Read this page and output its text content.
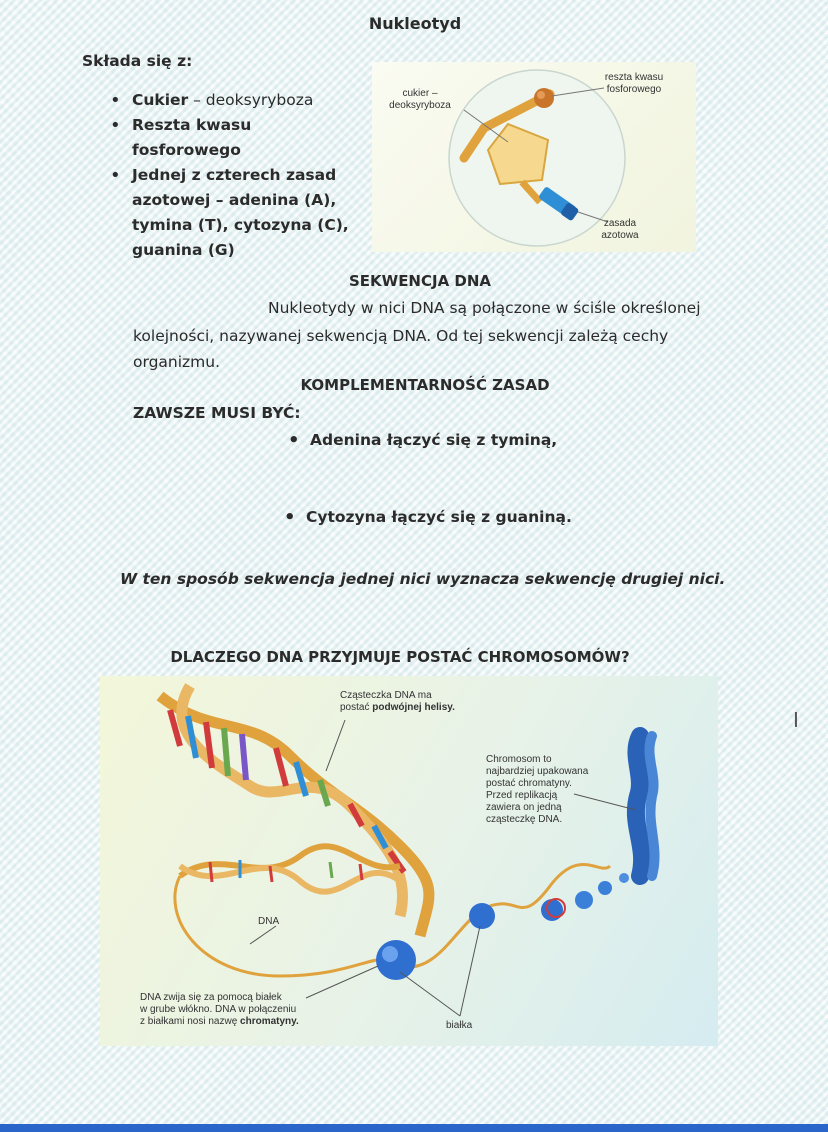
Nukleotyd
Składa się z:
• Cukier – deoksyryboza
• Reszta kwasu fosforowego
• Jednej z czterech zasad azotowej – adenina (A), tymina (T), cytozyna (C), guanina (G)
cukier –
deoksyryboza
reszta kwasu
fosforowego
zasada
azotowa
SEKWENCJA DNA
Nukleotydy w nici DNA są połączone w ściśle określonej
kolejności, nazywanej sekwencją DNA. Od tej sekwencji zależą cechy
organizmu.
KOMPLEMENTARNOŚĆ ZASAD
ZAWSZE MUSI BYĆ:
• Adenina łączyć się z tyminą,
• Cytozyna łączyć się z guaniną.
W ten sposób sekwencja jednej nici wyznacza sekwencję drugiej nici.
DLACZEGO DNA PRZYJMUJE POSTAĆ CHROMOSOMÓW?
Cząsteczka DNA ma
postać podwójnej helisy.
Chromosom to
najbardziej upakowana
postać chromatyny.
Przed replikacją
zawiera on jedną
cząsteczkę DNA.
DNA
DNA zwija się za pomocą białek
w grube włókno. DNA w połączeniu
z białkami nosi nazwę chromatyny.	białka
I
